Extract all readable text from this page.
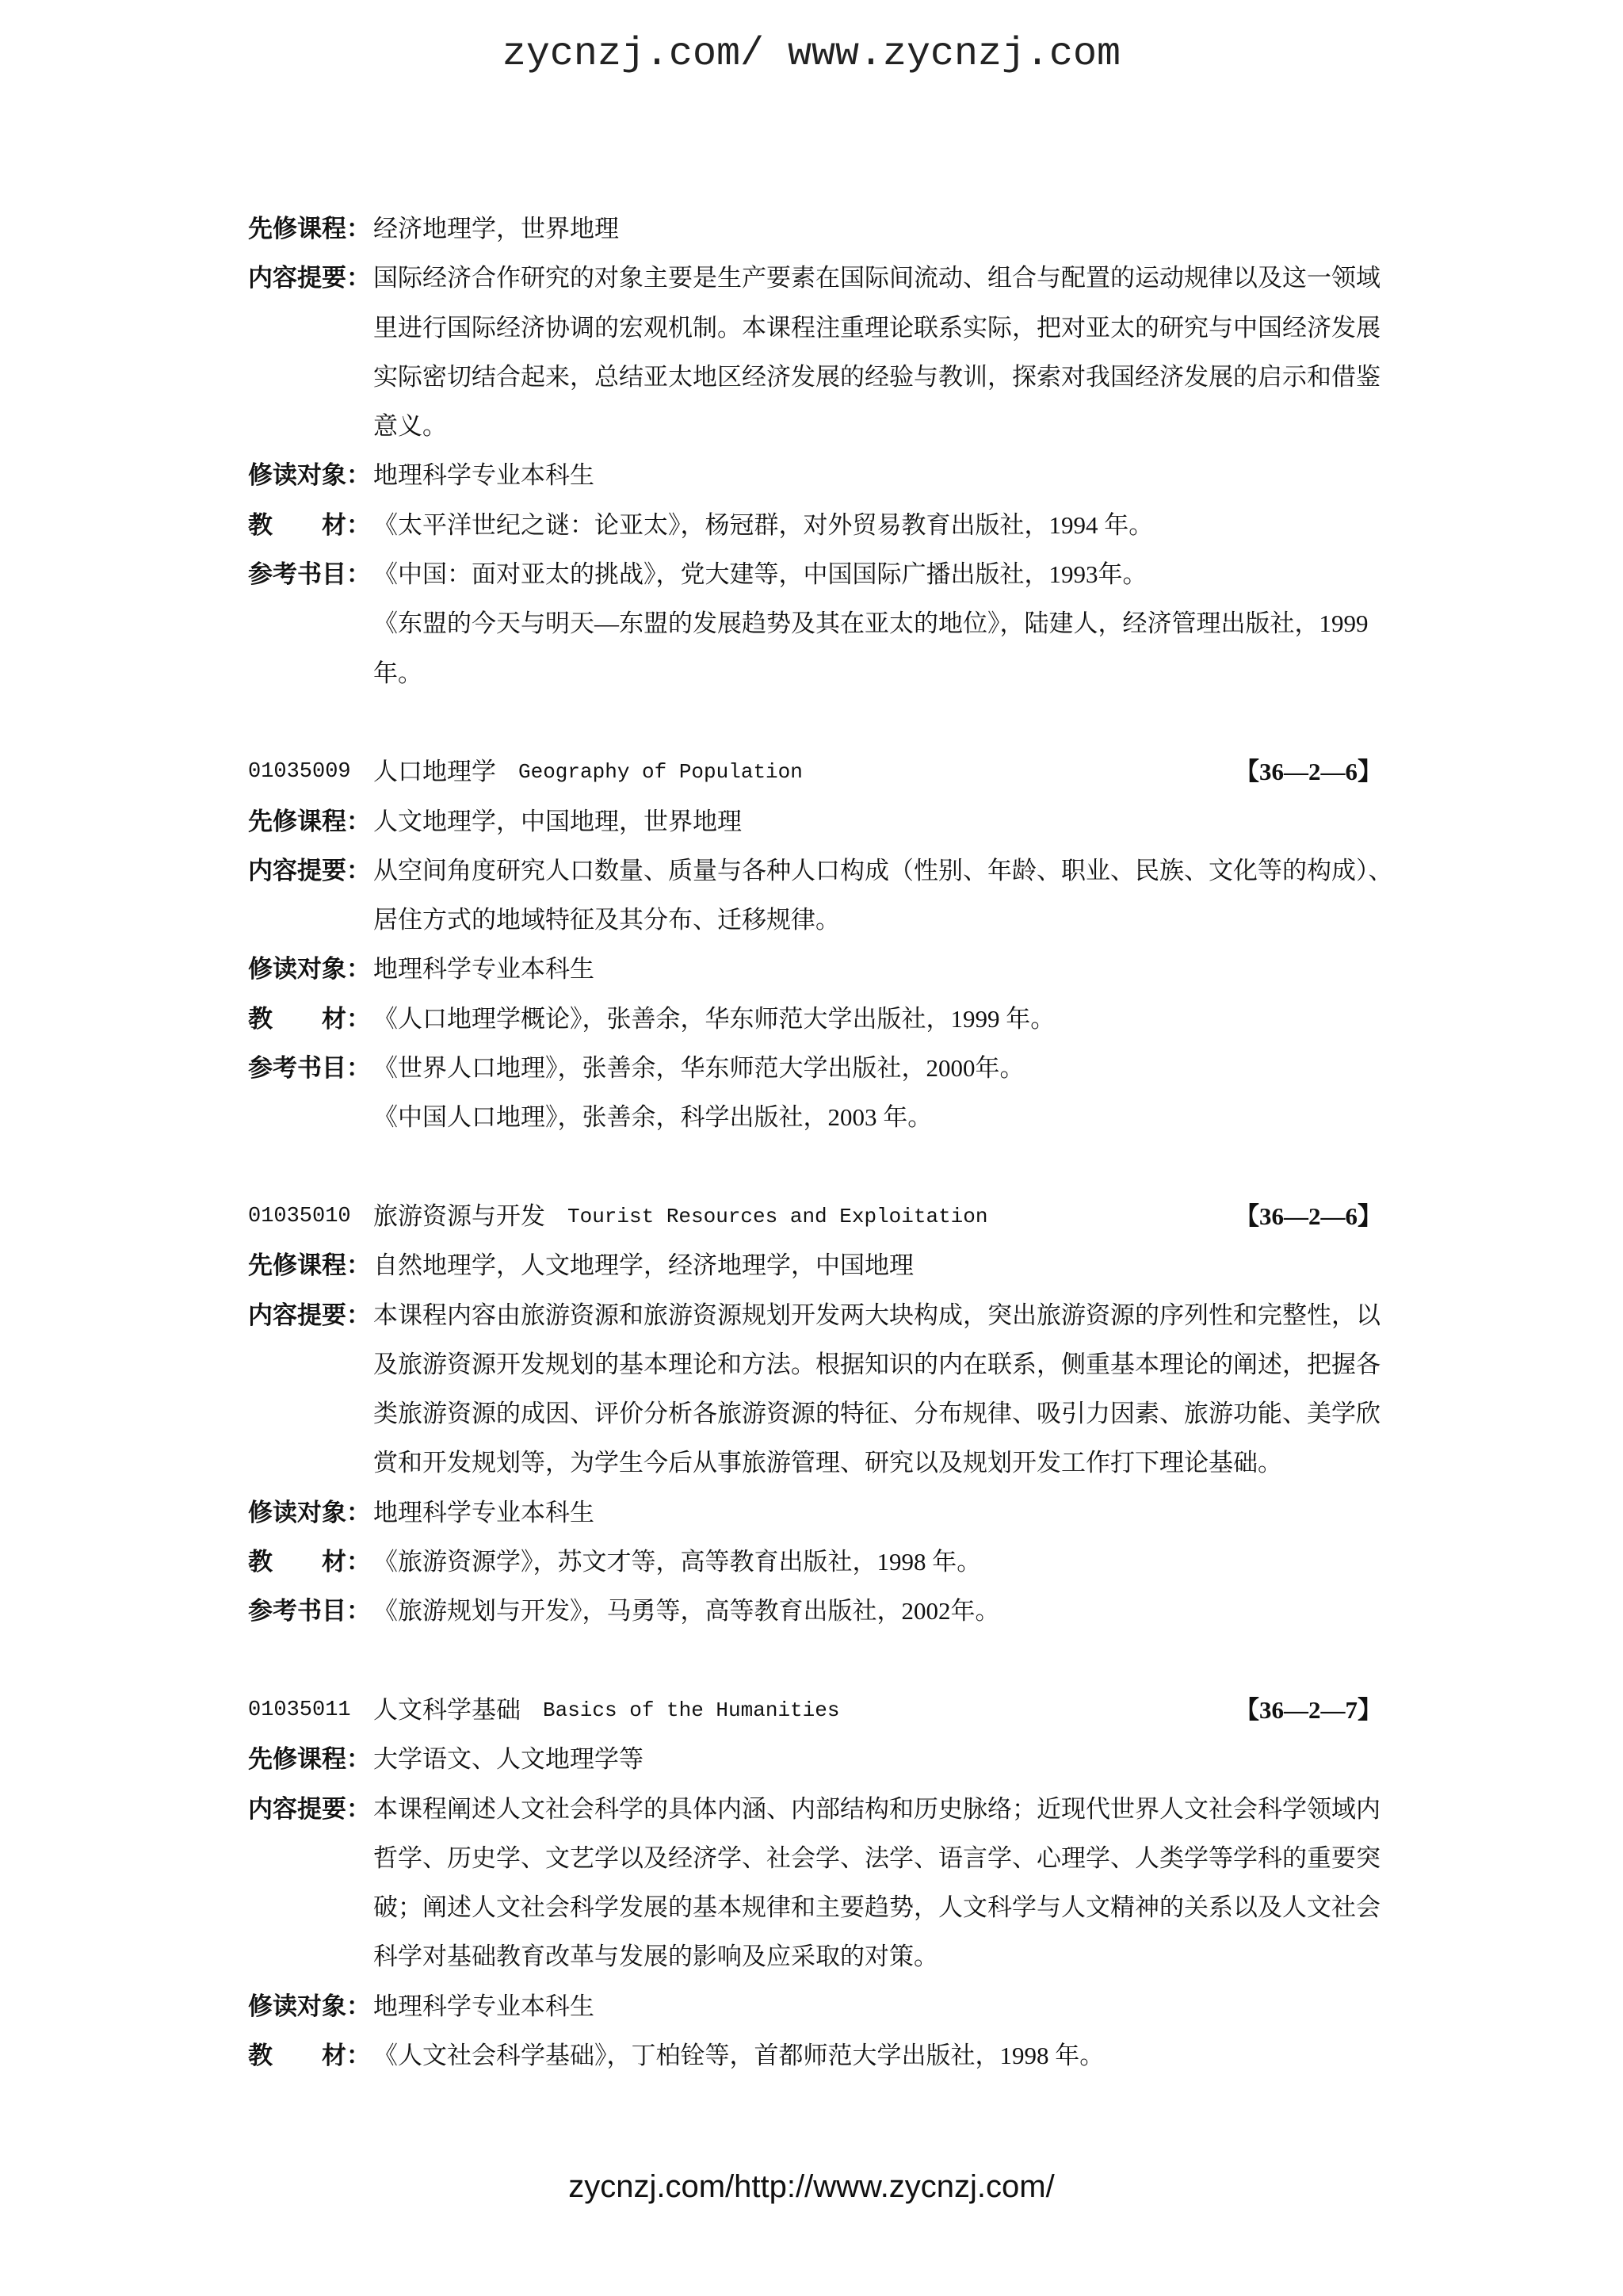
zycnzj.com/ www.zycnzj.com
先修课程： 经济地理学，世界地理
内容提要： 国际经济合作研究的对象主要是生产要素在国际间流动、组合与配置的运动规律以及这一领域
里进行国际经济协调的宏观机制。本课程注重理论联系实际，把对亚太的研究与中国经济发展
实际密切结合起来，总结亚太地区经济发展的经验与教训，探索对我国经济发展的启示和借鉴
意义。
修读对象： 地理科学专业本科生
教　　材： 《太平洋世纪之谜：论亚太》，杨冠群，对外贸易教育出版社，1994 年。
参考书目： 《中国：面对亚太的挑战》，党大建等，中国国际广播出版社，1993年。
《东盟的今天与明天—东盟的发展趋势及其在亚太的地位》，陆建人，经济管理出版社，1999
年。
01035009 人口地理学 Geography of Population	【36—2—6】
先修课程： 人文地理学，中国地理，世界地理
内容提要： 从空间角度研究人口数量、质量与各种人口构成（性别、年龄、职业、民族、文化等的构成）、
居住方式的地域特征及其分布、迁移规律。
修读对象： 地理科学专业本科生
教　　材： 《人口地理学概论》，张善余，华东师范大学出版社，1999 年。
参考书目： 《世界人口地理》，张善余，华东师范大学出版社，2000年。
《中国人口地理》，张善余，科学出版社，2003 年。
01035010 旅游资源与开发 Tourist Resources and Exploitation	【36—2—6】
先修课程： 自然地理学，人文地理学，经济地理学，中国地理
内容提要： 本课程内容由旅游资源和旅游资源规划开发两大块构成，突出旅游资源的序列性和完整性，以
及旅游资源开发规划的基本理论和方法。根据知识的内在联系，侧重基本理论的阐述，把握各
类旅游资源的成因、评价分析各旅游资源的特征、分布规律、吸引力因素、旅游功能、美学欣
赏和开发规划等，为学生今后从事旅游管理、研究以及规划开发工作打下理论基础。
修读对象： 地理科学专业本科生
教　　材： 《旅游资源学》，苏文才等，高等教育出版社，1998 年。
参考书目： 《旅游规划与开发》，马勇等，高等教育出版社，2002年。
01035011 人文科学基础 Basics of the Humanities	【36—2—7】
先修课程： 大学语文、人文地理学等
内容提要： 本课程阐述人文社会科学的具体内涵、内部结构和历史脉络；近现代世界人文社会科学领域内
哲学、历史学、文艺学以及经济学、社会学、法学、语言学、心理学、人类学等学科的重要突
破；阐述人文社会科学发展的基本规律和主要趋势，人文科学与人文精神的关系以及人文社会
科学对基础教育改革与发展的影响及应采取的对策。
修读对象： 地理科学专业本科生
教　　材： 《人文社会科学基础》，丁柏铨等，首都师范大学出版社，1998 年。
zycnzj.com/http://www.zycnzj.com/
